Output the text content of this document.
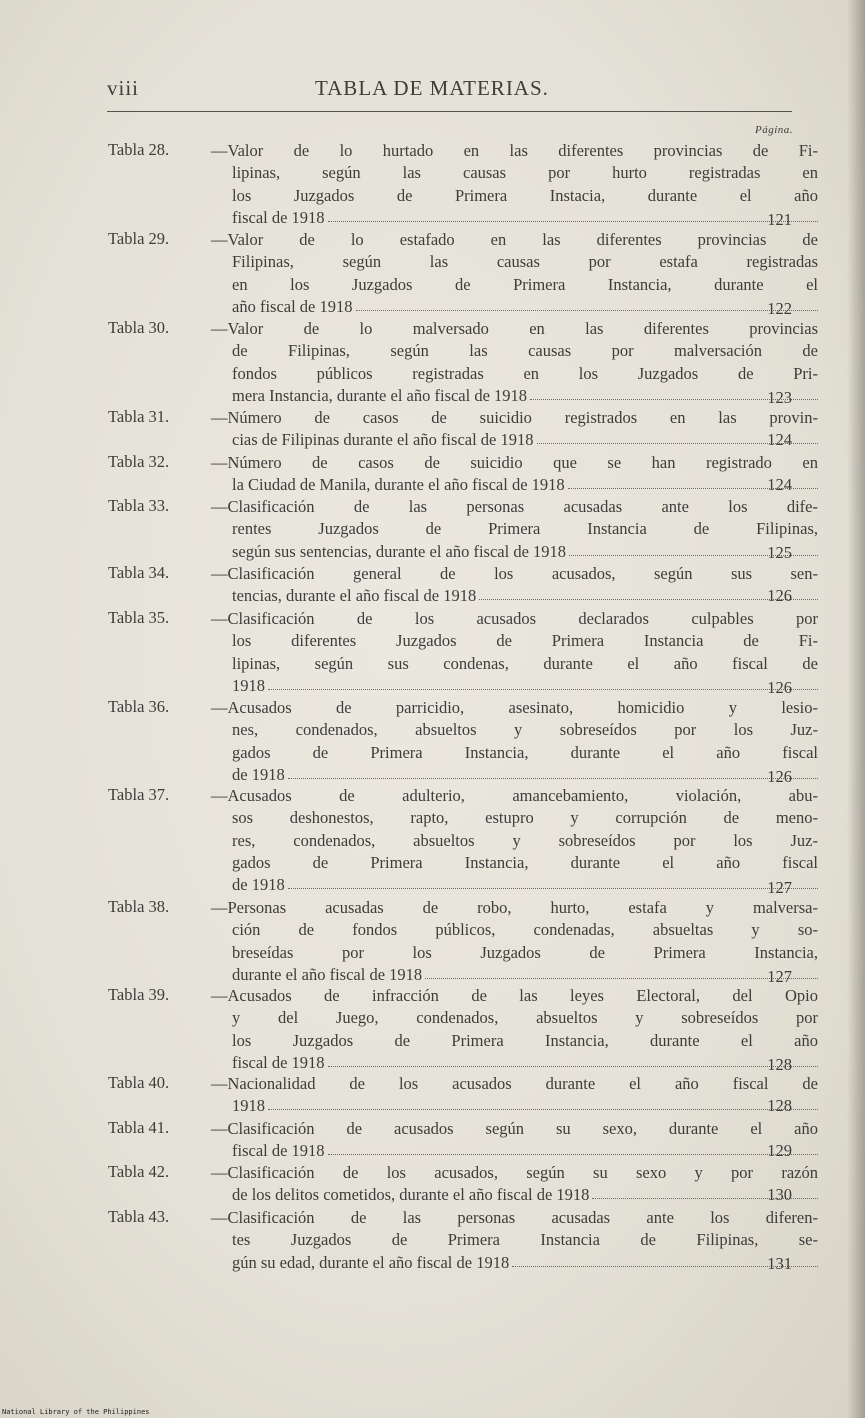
viii	TABLA DE MATERIAS.
Página.
Tabla 28.	—Valor de lo hurtado en las diferentes provincias de Fi-
lipinas, según las causas por hurto registradas en
los Juzgados de Primera Instacia, durante el año
fiscal de 1918	121
Tabla 29.	—Valor de lo estafado en las diferentes provincias de
Filipinas, según las causas por estafa registradas
en los Juzgados de Primera Instancia, durante el
año fiscal de 1918	122
Tabla 30.	—Valor de lo malversado en las diferentes provincias
de Filipinas, según las causas por malversación de
fondos públicos registradas en los Juzgados de Pri-
mera Instancia, durante el año fiscal de 1918	123
Tabla 31.	—Número de casos de suicidio registrados en las provin-
cias de Filipinas durante el año fiscal de 1918	124
Tabla 32.	—Número de casos de suicidio que se han registrado en
la Ciudad de Manila, durante el año fiscal de 1918	124
Tabla 33.	—Clasificación de las personas acusadas ante los dife-
rentes Juzgados de Primera Instancia de Filipinas,
según sus sentencias, durante el año fiscal de 1918	125
Tabla 34.	—Clasificación general de los acusados, según sus sen-
tencias, durante el año fiscal de 1918	126
Tabla 35.	—Clasificación de los acusados declarados culpables por
los diferentes Juzgados de Primera Instancia de Fi-
lipinas, según sus condenas, durante el año fiscal de
1918	126
Tabla 36.	—Acusados de parricidio, asesinato, homicidio y lesio-
nes, condenados, absueltos y sobreseídos por los Juz-
gados de Primera Instancia, durante el año fiscal
de 1918	126
Tabla 37.	—Acusados de adulterio, amancebamiento, violación, abu-
sos deshonestos, rapto, estupro y corrupción de meno-
res, condenados, absueltos y sobreseídos por los Juz-
gados de Primera Instancia, durante el año fiscal
de 1918	127
Tabla 38.	—Personas acusadas de robo, hurto, estafa y malversa-
ción de fondos públicos, condenadas, absueltas y so-
breseídas por los Juzgados de Primera Instancia,
durante el año fiscal de 1918	127
Tabla 39.	—Acusados de infracción de las leyes Electoral, del Opio
y del Juego, condenados, absueltos y sobreseídos por
los Juzgados de Primera Instancia, durante el año
fiscal de 1918	128
Tabla 40.	—Nacionalidad de los acusados durante el año fiscal de
1918	128
Tabla 41.	—Clasificación de acusados según su sexo, durante el año
fiscal de 1918	129
Tabla 42.	—Clasificación de los acusados, según su sexo y por razón
de los delitos cometidos, durante el año fiscal de 1918	130
Tabla 43.	—Clasificación de las personas acusadas ante los diferen-
tes Juzgados de Primera Instancia de Filipinas, se-
gún su edad, durante el año fiscal de 1918	131
National Library of the Philippines
